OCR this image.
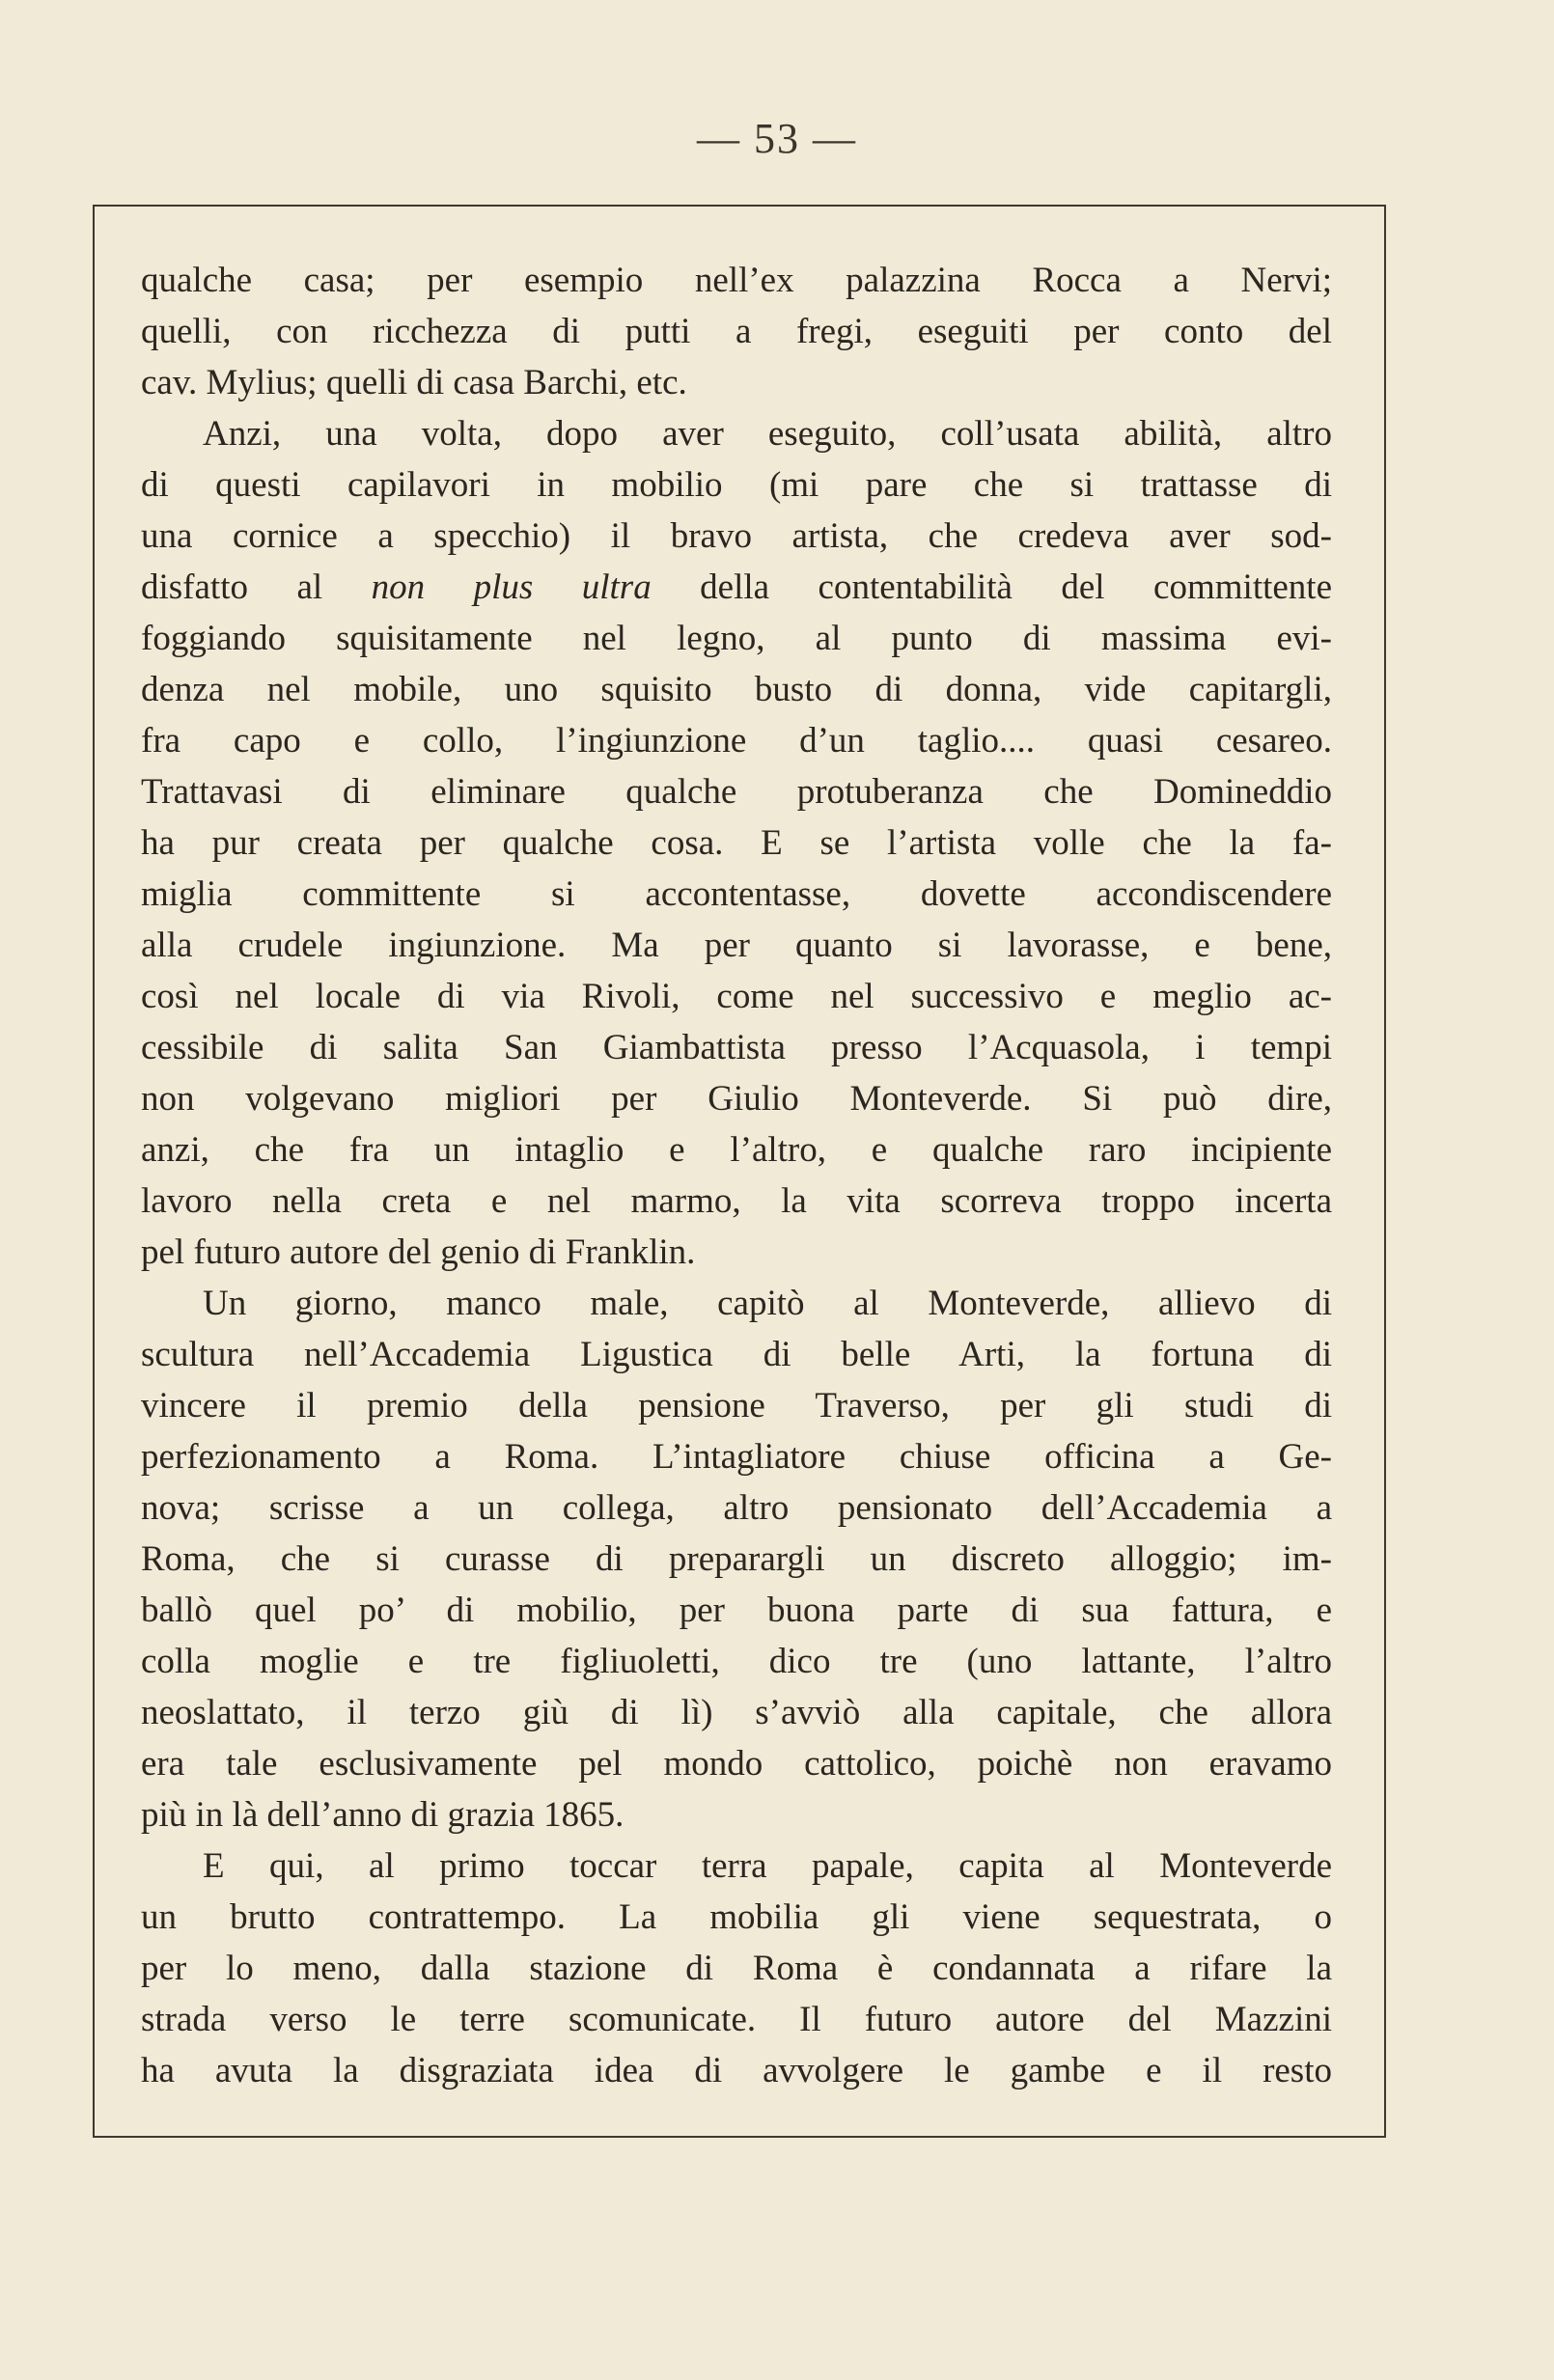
— 53 —
qualche casa; per esempio nell’ex palazzina Rocca a Nervi;
quelli, con ricchezza di putti a fregi, eseguiti per conto del
cav. Mylius; quelli di casa Barchi, etc.
Anzi, una volta, dopo aver eseguito, coll’usata abilità, altro
di questi capilavori in mobilio (mi pare che si trattasse di
una cornice a specchio) il bravo artista, che credeva aver sod-
disfatto al non plus ultra della contentabilità del committente
foggiando squisitamente nel legno, al punto di massima evi-
denza nel mobile, uno squisito busto di donna, vide capitargli,
fra capo e collo, l’ingiunzione d’un taglio.... quasi cesareo.
Trattavasi di eliminare qualche protuberanza che Domineddio
ha pur creata per qualche cosa. E se l’artista volle che la fa-
miglia committente si accontentasse, dovette accondiscendere
alla crudele ingiunzione. Ma per quanto si lavorasse, e bene,
così nel locale di via Rivoli, come nel successivo e meglio ac-
cessibile di salita San Giambattista presso l’Acquasola, i tempi
non volgevano migliori per Giulio Monteverde. Si può dire,
anzi, che fra un intaglio e l’altro, e qualche raro incipiente
lavoro nella creta e nel marmo, la vita scorreva troppo incerta
pel futuro autore del genio di Franklin.
Un giorno, manco male, capitò al Monteverde, allievo di
scultura nell’Accademia Ligustica di belle Arti, la fortuna di
vincere il premio della pensione Traverso, per gli studi di
perfezionamento a Roma. L’intagliatore chiuse officina a Ge-
nova; scrisse a un collega, altro pensionato dell’Accademia a
Roma, che si curasse di preparargli un discreto alloggio; im-
ballò quel po’ di mobilio, per buona parte di sua fattura, e
colla moglie e tre figliuoletti, dico tre (uno lattante, l’altro
neoslattato, il terzo giù di lì) s’avviò alla capitale, che allora
era tale esclusivamente pel mondo cattolico, poichè non eravamo
più in là dell’anno di grazia 1865.
E qui, al primo toccar terra papale, capita al Monteverde
un brutto contrattempo. La mobilia gli viene sequestrata, o
per lo meno, dalla stazione di Roma è condannata a rifare la
strada verso le terre scomunicate. Il futuro autore del Mazzini
ha avuta la disgraziata idea di avvolgere le gambe e il resto
